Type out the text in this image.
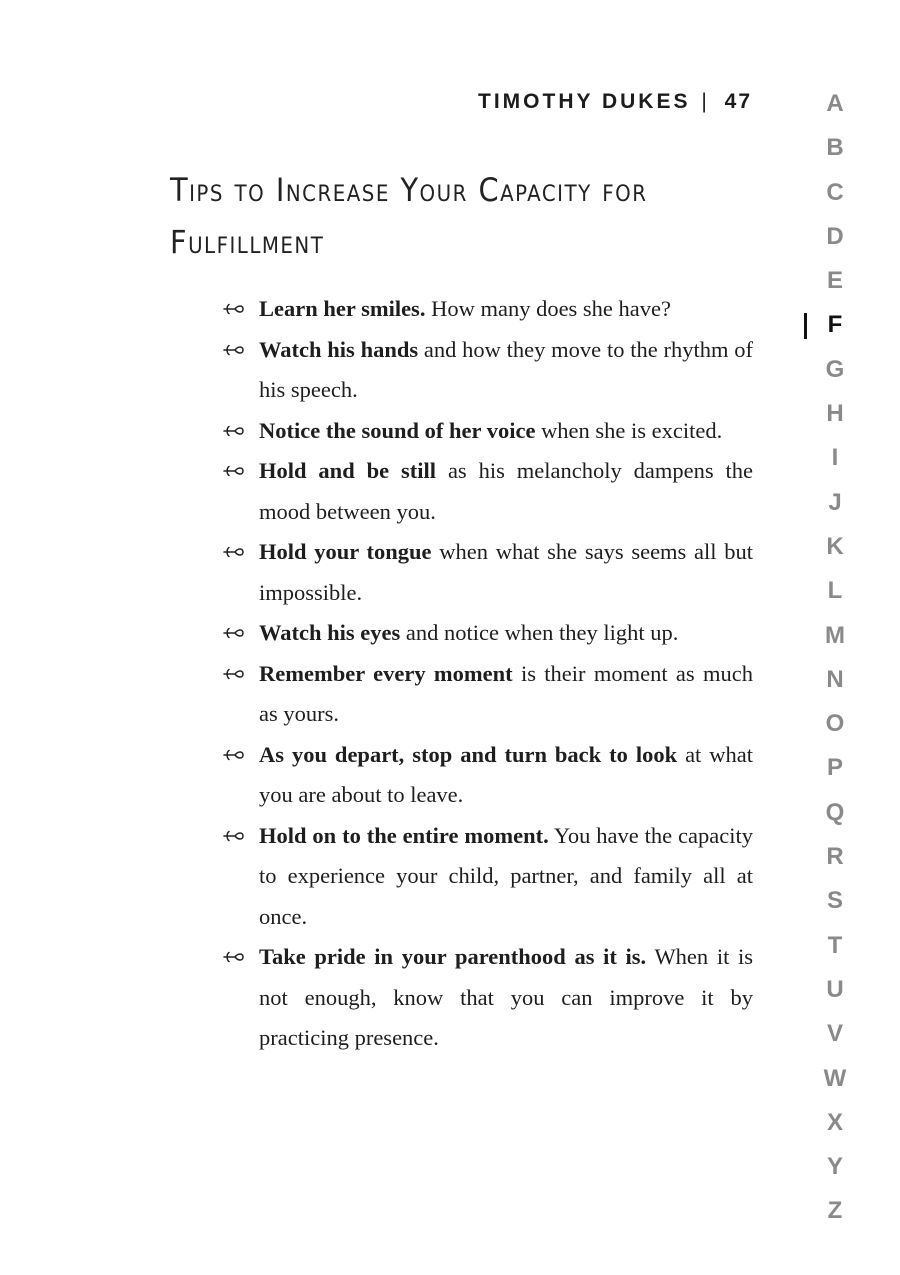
TIMOTHY DUKES | 47
Tips to Increase Your Capacity for Fulfillment
Learn her smiles. How many does she have?
Watch his hands and how they move to the rhythm of his speech.
Notice the sound of her voice when she is excited.
Hold and be still as his melancholy dampens the mood between you.
Hold your tongue when what she says seems all but impossible.
Watch his eyes and notice when they light up.
Remember every moment is their moment as much as yours.
As you depart, stop and turn back to look at what you are about to leave.
Hold on to the entire moment. You have the capacity to experience your child, partner, and family all at once.
Take pride in your parenthood as it is. When it is not enough, know that you can improve it by practicing presence.
A
B
C
D
E
F
G
H
I
J
K
L
M
N
O
P
Q
R
S
T
U
V
W
X
Y
Z
